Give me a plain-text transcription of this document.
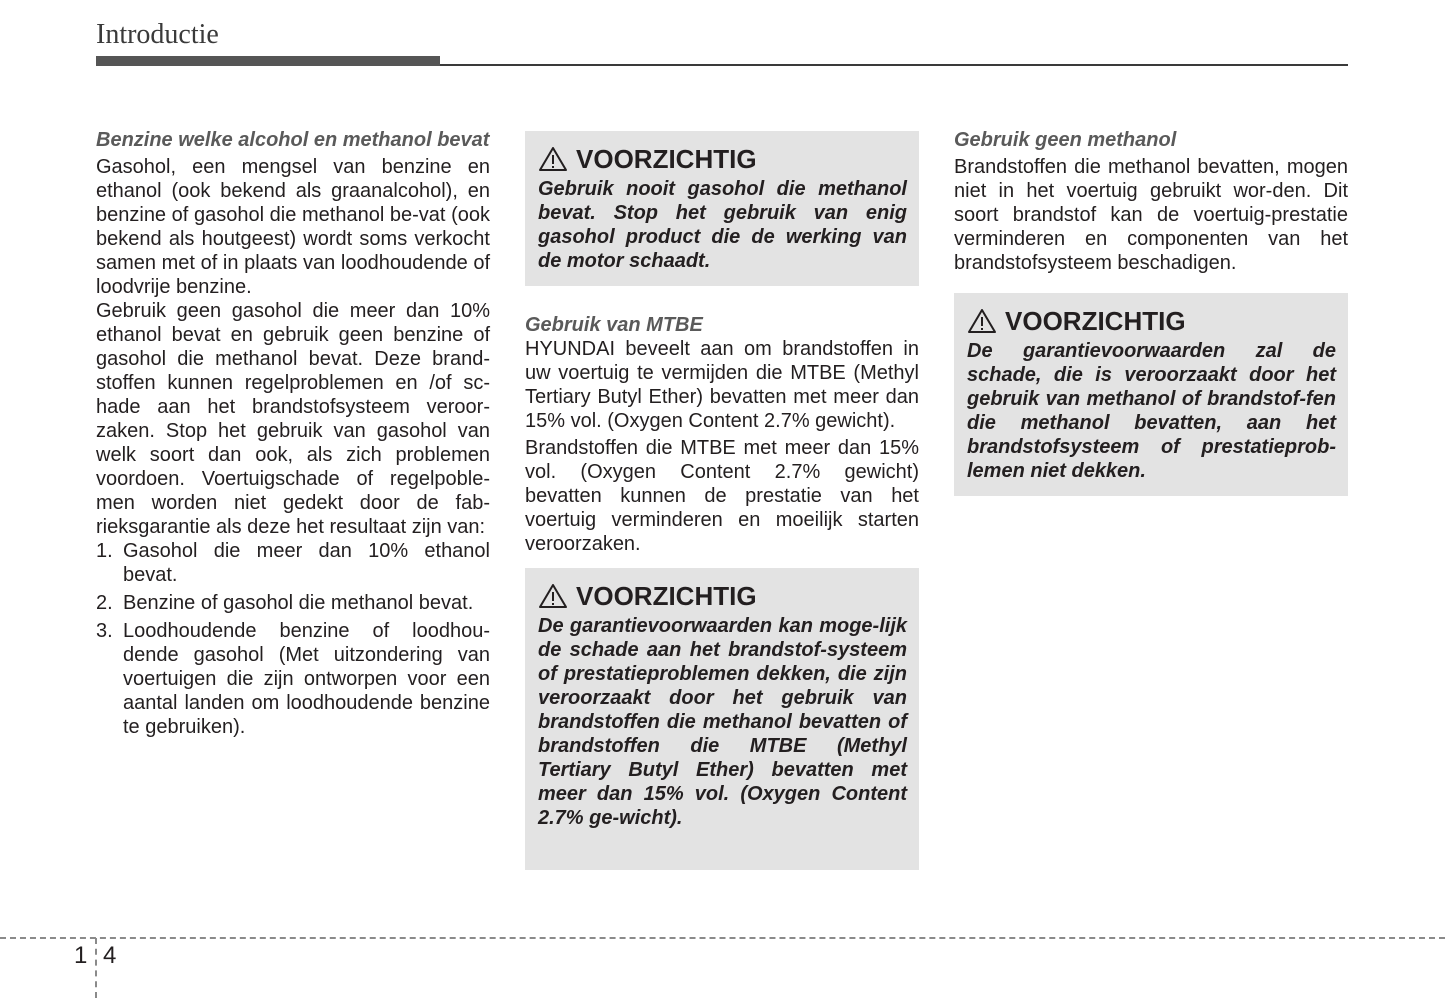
Introductie

Benzine welke alcohol en methanol bevat

Gasohol, een mengsel van benzine en ethanol (ook bekend als graanalcohol), en benzine of gasohol die methanol be-vat (ook bekend als houtgeest) wordt soms verkocht samen met of in plaats van loodhoudende of loodvrije benzine.

Gebruik geen gasohol die meer dan 10% ethanol bevat en gebruik geen benzine of gasohol die methanol bevat. Deze brand-stoffen kunnen regelproblemen en /of sc-hade aan het brandstofsysteem veroor-zaken. Stop het gebruik van gasohol van welk soort dan ook, als zich problemen voordoen. Voertuigschade of regelpoble-men worden niet gedekt door de fab-rieksgarantie als deze het resultaat zijn van:

1. Gasohol die meer dan 10% ethanol bevat.
2. Benzine of gasohol die methanol bevat.
3. Loodhoudende benzine of loodhou-dende gasohol (Met uitzondering van voertuigen die zijn ontworpen voor een aantal landen om loodhoudende benzine te gebruiken).
VOORZICHTIG

Gebruik nooit gasohol die methanol bevat. Stop het gebruik van enig gasohol product die de werking van de motor schaadt.

Gebruik van MTBE

HYUNDAI beveelt aan om brandstoffen in uw voertuig te vermijden die MTBE (Methyl Tertiary Butyl Ether) bevatten met meer dan 15% vol. (Oxygen Content 2.7% gewicht).

Brandstoffen die MTBE met meer dan 15% vol. (Oxygen Content 2.7% gewicht) bevatten kunnen de prestatie van het voertuig verminderen en moeilijk starten veroorzaken.

VOORZICHTIG

De garantievoorwaarden kan moge-lijk de schade aan het brandstof-systeem of prestatieproblemen dekken, die zijn veroorzaakt door het gebruik van brandstoffen die methanol bevatten of brandstoffen die MTBE (Methyl Tertiary Butyl Ether) bevatten met meer dan 15% vol. (Oxygen Content 2.7% ge-wicht).

Gebruik geen methanol

Brandstoffen die methanol bevatten, mogen niet in het voertuig gebruikt wor-den. Dit soort brandstof kan de voertuig-prestatie verminderen en componenten van het brandstofsysteem beschadigen.

VOORZICHTIG

De garantievoorwaarden zal de schade, die is veroorzaakt door het gebruik van methanol of brandstof-fen die methanol bevatten, aan het brandstofsysteem of prestatieprob-lemen niet dekken.

1 4
